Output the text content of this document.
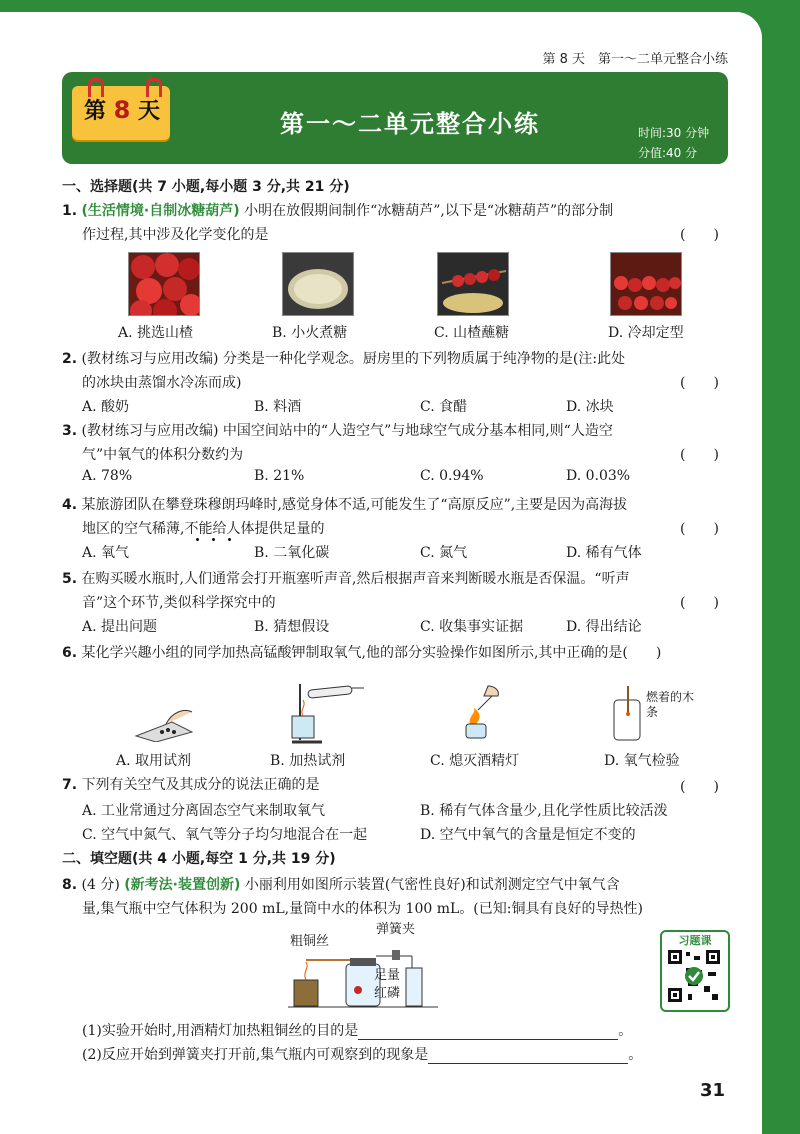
第 8 天　第一～二单元整合小练
第 8 天	第一～二单元整合小练	时间:30 分钟
分值:40 分
一、选择题(共 7 小题,每小题 3 分,共 21 分)
1. (生活情境·自制冰糖葫芦) 小明在放假期间制作“冰糖葫芦”,以下是“冰糖葫芦”的部分制
作过程,其中涉及化学变化的是	(　　)
A. 挑选山楂	B. 小火煮糖	C. 山楂蘸糖	D. 冷却定型
2. (教材练习与应用改编) 分类是一种化学观念。厨房里的下列物质属于纯净物的是(注:此处
的冰块由蒸馏水冷冻而成)	(　　)
A. 酸奶	B. 料酒	C. 食醋	D. 冰块
3. (教材练习与应用改编) 中国空间站中的“人造空气”与地球空气成分基本相同,则“人造空
气”中氧气的体积分数约为	(　　)
A. 78%	B. 21%	C. 0.94%	D. 0.03%
4. 某旅游团队在攀登珠穆朗玛峰时,感觉身体不适,可能发生了“高原反应”,主要是因为高海拔
地区的空气稀薄,不能给人体提供足量的	(　　)
A. 氧气	B. 二氧化碳	C. 氮气	D. 稀有气体
5. 在购买暖水瓶时,人们通常会打开瓶塞听声音,然后根据声音来判断暖水瓶是否保温。“听声
音”这个环节,类似科学探究中的	(　　)
A. 提出问题	B. 猜想假设	C. 收集事实证据	D. 得出结论
6. 某化学兴趣小组的同学加热高锰酸钾制取氧气,他的部分实验操作如图所示,其中正确的是(　　)
燃着的木条
A. 取用试剂	B. 加热试剂	C. 熄灭酒精灯	D. 氧气检验
7. 下列有关空气及其成分的说法正确的是	(　　)
A. 工业常通过分离固态空气来制取氧气	B. 稀有气体含量少,且化学性质比较活泼
C. 空气中氮气、氧气等分子均匀地混合在一起	D. 空气中氧气的含量是恒定不变的
二、填空题(共 4 小题,每空 1 分,共 19 分)
8. (4 分) (新考法·装置创新) 小丽利用如图所示装置(气密性良好)和试剂测定空气中氧气含
量,集气瓶中空气体积为 200 mL,量筒中水的体积为 100 mL。(已知:铜具有良好的导热性)
粗铜丝
弹簧夹
足量
红磷
习题课
(1)实验开始时,用酒精灯加热粗铜丝的目的是	。
(2)反应开始到弹簧夹打开前,集气瓶内可观察到的现象是	。
31
